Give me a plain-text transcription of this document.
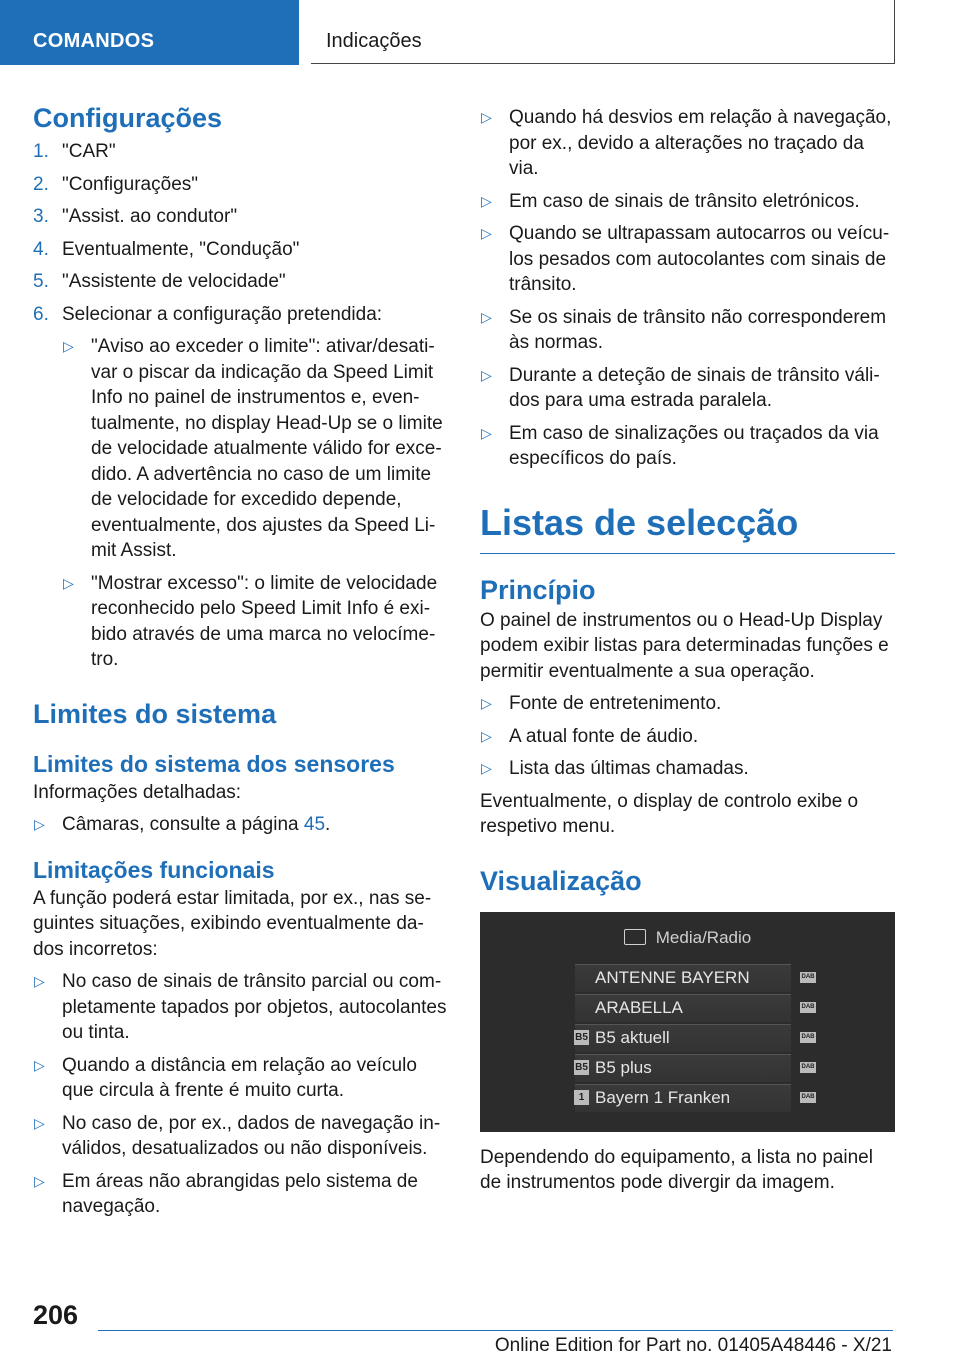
COMANDOS	Indicações
Configurações
1. "CAR"
2. "Configurações"
3. "Assist. ao condutor"
4. Eventualmente, "Condução"
5. "Assistente de velocidade"
6. Selecionar a configuração pretendida:
▷ "Aviso ao exceder o limite": ativar/desativar o piscar da indicação da Speed Limit Info no painel de instrumentos e, eventualmente, no display Head-Up se o limite de velocidade atualmente válido for excedido. A advertência no caso de um limite de velocidade for excedido depende, eventualmente, dos ajustes da Speed Limit Assist.
▷ "Mostrar excesso": o limite de velocidade reconhecido pelo Speed Limit Info é exibido através de uma marca no velocímetro.
Limites do sistema
Limites do sistema dos sensores

Informações detalhadas:

▷ Câmaras, consulte a página 45.
Limitações funcionais

A função poderá estar limitada, por ex., nas seguintes situações, exibindo eventualmente dados incorretos:

▷ No caso de sinais de trânsito parcial ou completamente tapados por objetos, autocolantes ou tinta.
▷ Quando a distância em relação ao veículo que circula à frente é muito curta.
▷ No caso de, por ex., dados de navegação inválidos, desatualizados ou não disponíveis.
▷ Em áreas não abrangidas pelo sistema de navegação.
▷ Quando há desvios em relação à navegação, por ex., devido a alterações no traçado da via.
▷ Em caso de sinais de trânsito eletrónicos.
▷ Quando se ultrapassam autocarros ou veículos pesados com autocolantes com sinais de trânsito.
▷ Se os sinais de trânsito não corresponderem às normas.
▷ Durante a deteção de sinais de trânsito válidos para uma estrada paralela.
▷ Em caso de sinalizações ou traçados da via específicos do país.
Listas de selecção
Princípio

O painel de instrumentos ou o Head-Up Display podem exibir listas para determinadas funções e permitir eventualmente a sua operação.

▷ Fonte de entretenimento.
▷ A atual fonte de áudio.
▷ Lista das últimas chamadas.

Eventualmente, o display de controlo exibe o respetivo menu.

Visualização
Media/Radio
ANTENNE BAYERN	DAB
ARABELLA	DAB
B5 B5 aktuell	DAB
B5 B5 plus	DAB
1 Bayern 1 Franken	DAB

Dependendo do equipamento, a lista no painel de instrumentos pode divergir da imagem.

206
Online Edition for Part no. 01405A48446 - X/21
